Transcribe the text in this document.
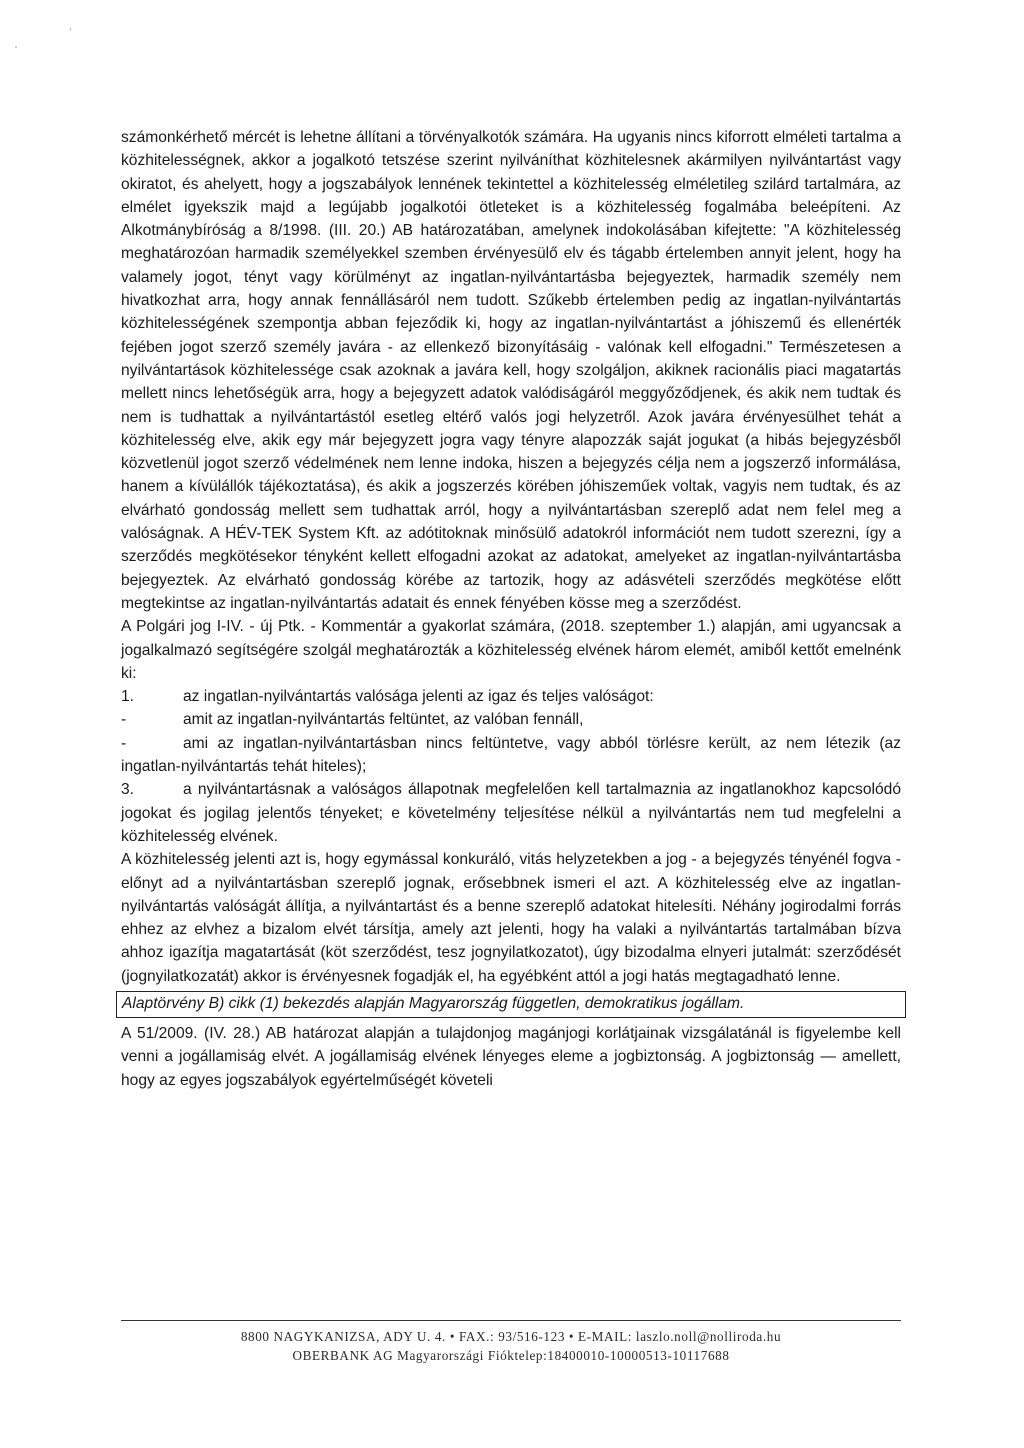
számonkérhető mércét is lehetne állítani a törvényalkotók számára. Ha ugyanis nincs kiforrott elméleti tartalma a közhitelességnek, akkor a jogalkotó tetszése szerint nyilváníthat közhitelesnek akármilyen nyilvántartást vagy okiratot, és ahelyett, hogy a jogszabályok lennének tekintettel a közhitelesség elméletileg szilárd tartalmára, az elmélet igyekszik majd a legújabb jogalkotói ötleteket is a közhitelesség fogalmába beleépíteni. Az Alkotmánybíróság a 8/1998. (III. 20.) AB határozatában, amelynek indokolásában kifejtette: "A közhitelesség meghatározóan harmadik személyekkel szemben érvényesülő elv és tágabb értelemben annyit jelent, hogy ha valamely jogot, tényt vagy körülményt az ingatlan-nyilvántartásba bejegyeztek, harmadik személy nem hivatkozhat arra, hogy annak fennállásáról nem tudott. Szűkebb értelemben pedig az ingatlan-nyilvántartás közhitelességének szempontja abban fejeződik ki, hogy az ingatlan-nyilvántartást a jóhiszemű és ellenérték fejében jogot szerző személy javára - az ellenkező bizonyításáig - valónak kell elfogadni." Természetesen a nyilvántartások közhitelessége csak azoknak a javára kell, hogy szolgáljon, akiknek racionális piaci magatartás mellett nincs lehetőségük arra, hogy a bejegyzett adatok valódiságáról meggyőződjenek, és akik nem tudtak és nem is tudhattak a nyilvántartástól esetleg eltérő valós jogi helyzetről. Azok javára érvényesülhet tehát a közhitelesség elve, akik egy már bejegyzett jogra vagy tényre alapozzák saját jogukat (a hibás bejegyzésből közvetlenül jogot szerző védelmének nem lenne indoka, hiszen a bejegyzés célja nem a jogszerző informálása, hanem a kívülállók tájékoztatása), és akik a jogszerzés körében jóhiszeműek voltak, vagyis nem tudtak, és az elvárható gondosság mellett sem tudhattak arról, hogy a nyilvántartásban szereplő adat nem felel meg a valóságnak. A HÉV-TEK System Kft. az adótitoknak minősülő adatokról információt nem tudott szerezni, így a szerződés megkötésekor tényként kellett elfogadni azokat az adatokat, amelyeket az ingatlan-nyilvántartásba bejegyeztek. Az elvárható gondosság körébe az tartozik, hogy az adásvételi szerződés megkötése előtt megtekintse az ingatlan-nyilvántartás adatait és ennek fényében kösse meg a szerződést.

A Polgári jog I-IV. - új Ptk. - Kommentár a gyakorlat számára, (2018. szeptember 1.) alapján, ami ugyancsak a jogalkalmazó segítségére szolgál meghatározták a közhitelesség elvének három elemét, amiből kettőt emelnénk ki:

1.	az ingatlan-nyilvántartás valósága jelenti az igaz és teljes valóságot:

-	amit az ingatlan-nyilvántartás feltüntet, az valóban fennáll,

-	ami az ingatlan-nyilvántartásban nincs feltüntetve, vagy abból törlésre került, az nem létezik (az ingatlan-nyilvántartás tehát hiteles);

3.	a nyilvántartásnak a valóságos állapotnak megfelelően kell tartalmaznia az ingatlanokhoz kapcsolódó jogokat és jogilag jelentős tényeket; e követelmény teljesítése nélkül a nyilvántartás nem tud megfelelni a közhitelesség elvének.

A közhitelesség jelenti azt is, hogy egymással konkuráló, vitás helyzetekben a jog - a bejegyzés tényénél fogva - előnyt ad a nyilvántartásban szereplő jognak, erősebbnek ismeri el azt. A közhitelesség elve az ingatlan-nyilvántartás valóságát állítja, a nyilvántartást és a benne szereplő adatokat hitelesíti. Néhány jogirodalmi forrás ehhez az elvhez a bizalom elvét társítja, amely azt jelenti, hogy ha valaki a nyilvántartás tartalmában bízva ahhoz igazítja magatartását (köt szerződést, tesz jognyilatkozatot), úgy bizodalma elnyeri jutalmát: szerződését (jognyilatkozatát) akkor is érvényesnek fogadják el, ha egyébként attól a jogi hatás megtagadható lenne.

Alaptörvény B) cikk (1) bekezdés alapján Magyarország független, demokratikus jogállam.

A 51/2009. (IV. 28.) AB határozat alapján a tulajdonjog magánjogi korlátjainak vizsgálatánál is figyelembe kell venni a jogállamiság elvét. A jogállamiság elvének lényeges eleme a jogbiztonság. A jogbiztonság — amellett, hogy az egyes jogszabályok egyértelműségét követeli

8800 NAGYKANIZSA, ADY U. 4. • FAX.: 93/516-123 • E-MAIL: laszlo.noll@nolliroda.hu
OBERBANK AG Magyarországi Fióktelep:18400010-10000513-10117688
